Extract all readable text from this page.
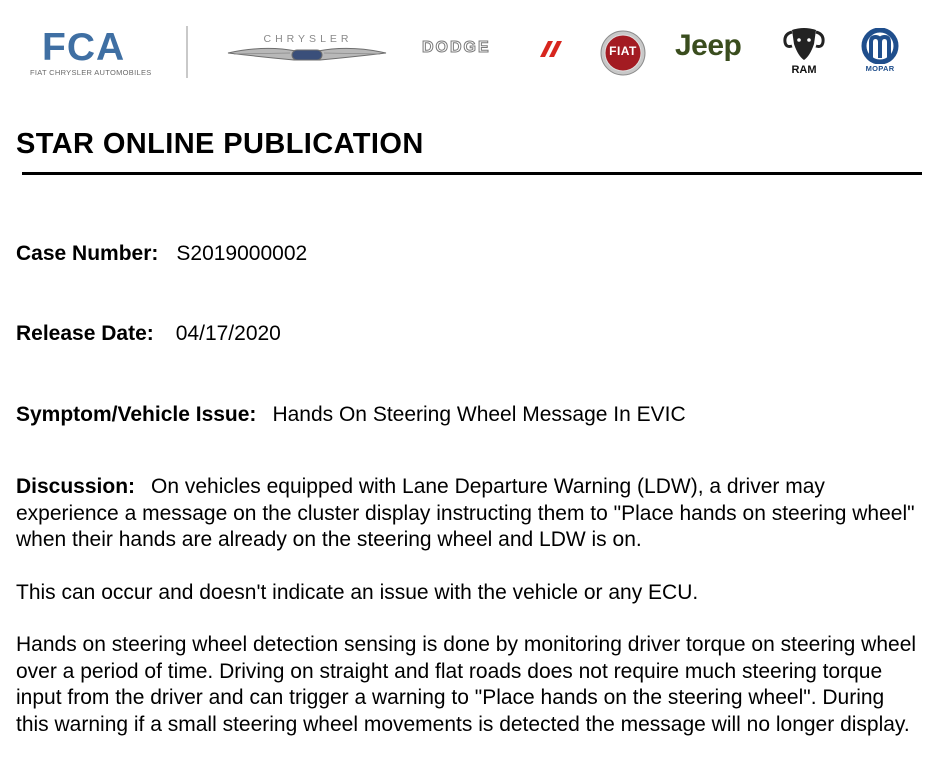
FCA
FIAT CHRYSLER AUTOMOBILES
CHRYSLER	DODGE	FIAT	Jeep
RAM	MOPAR
STAR ONLINE PUBLICATION
Case Number: S2019000002
Release Date: 04/17/2020
Symptom/Vehicle Issue: Hands On Steering Wheel Message In EVIC

Discussion: On vehicles equipped with Lane Departure Warning (LDW), a driver may experience a message on the cluster display instructing them to "Place hands on steering wheel" when their hands are already on the steering wheel and LDW is on.

This can occur and doesn't indicate an issue with the vehicle or any ECU.

Hands on steering wheel detection sensing is done by monitoring driver torque on steering wheel over a period of time. Driving on straight and flat roads does not require much steering torque input from the driver and can trigger a warning to "Place hands on the steering wheel". During this warning if a small steering wheel movements is detected the message will no longer display.
